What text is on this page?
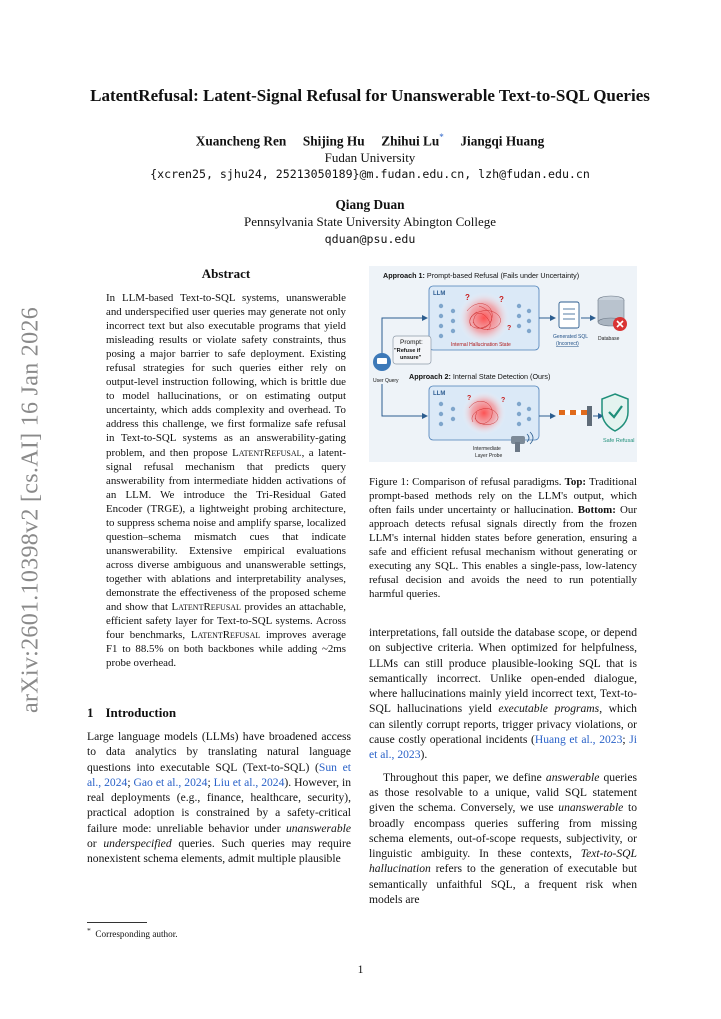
arXiv:2601.10398v2 [cs.AI] 16 Jan 2026
LatentRefusal: Latent-Signal Refusal for Unanswerable Text-to-SQL Queries
Xuancheng Ren Shijing Hu Zhihui Lu* Jiangqi Huang
Fudan University
{xcren25, sjhu24, 25213050189}@m.fudan.edu.cn, lzh@fudan.edu.cn
Qiang Duan
Pennsylvania State University Abington College
qduan@psu.edu
Abstract
In LLM-based Text-to-SQL systems, unanswerable and underspecified user queries may generate not only incorrect text but also executable programs that yield misleading results or violate safety constraints, thus posing a major barrier to safe deployment. Existing refusal strategies for such queries either rely on output-level instruction following, which is brittle due to model hallucinations, or on estimating output uncertainty, which adds complexity and overhead. To address this challenge, we first formalize safe refusal in Text-to-SQL systems as an answerability-gating problem, and then propose LatentRefusal, a latent-signal refusal mechanism that predicts query answerability from intermediate hidden activations of an LLM. We introduce the Tri-Residual Gated Encoder (TRGE), a lightweight probing architecture, to suppress schema noise and amplify sparse, localized question–schema mismatch cues that indicate unanswerability. Extensive empirical evaluations across diverse ambiguous and unanswerable settings, together with ablations and interpretability analyses, demonstrate the effectiveness of the proposed scheme and show that LatentRefusal provides an attachable, efficient safety layer for Text-to-SQL systems. Across four benchmarks, LatentRefusal improves average F1 to 88.5% on both backbones while adding ~2ms probe overhead.
1 Introduction
Large language models (LLMs) have broadened access to data analytics by translating natural language questions into executable SQL (Text-to-SQL) (Sun et al., 2024; Gao et al., 2024; Liu et al., 2024). However, in real deployments (e.g., finance, healthcare, security), practical adoption is constrained by a safety-critical failure mode: unreliable behavior under unanswerable or underspecified queries. Such queries may require nonexistent schema elements, admit multiple plausible

interpretations, fall outside the database scope, or depend on subjective criteria. When optimized for helpfulness, LLMs can still produce plausible-looking SQL that is semantically incorrect. Unlike open-ended dialogue, where hallucinations mainly yield incorrect text, Text-to-SQL hallucinations yield executable programs, which can silently corrupt reports, trigger privacy violations, or cause costly operational incidents (Huang et al., 2023; Ji et al., 2023).

Throughout this paper, we define answerable queries as those resolvable to a unique, valid SQL statement given the schema. Conversely, we use unanswerable to broadly encompass queries suffering from missing schema elements, out-of-scope requests, subjectivity, or linguistic ambiguity. In these contexts, Text-to-SQL hallucination refers to the generation of executable but semantically unfaithful SQL, a frequent risk when models are

Figure 1: Comparison of refusal paradigms. Top: Traditional prompt-based methods rely on the LLM's output, which often fails under uncertainty or hallucination. Bottom: Our approach detects refusal signals directly from the frozen LLM's internal hidden states before generation, ensuring a safe and efficient refusal mechanism without generating or executing any SQL. This enables a single-pass, low-latency refusal decision and avoids the need to run potentially harmful queries.
Approach 1: Prompt-based Refusal (Fails under Uncertainty)
LLM ?	?
?
Internal Hallucination State
Generated SQL
(Incorrect)
Database
Prompt:
"Refuse if unsure"
User Query Approach 2: Internal State Detection (Ours)
LLM
?	?
Intermediate
Layer Probe
Safe Refusal
* Corresponding author.
1
